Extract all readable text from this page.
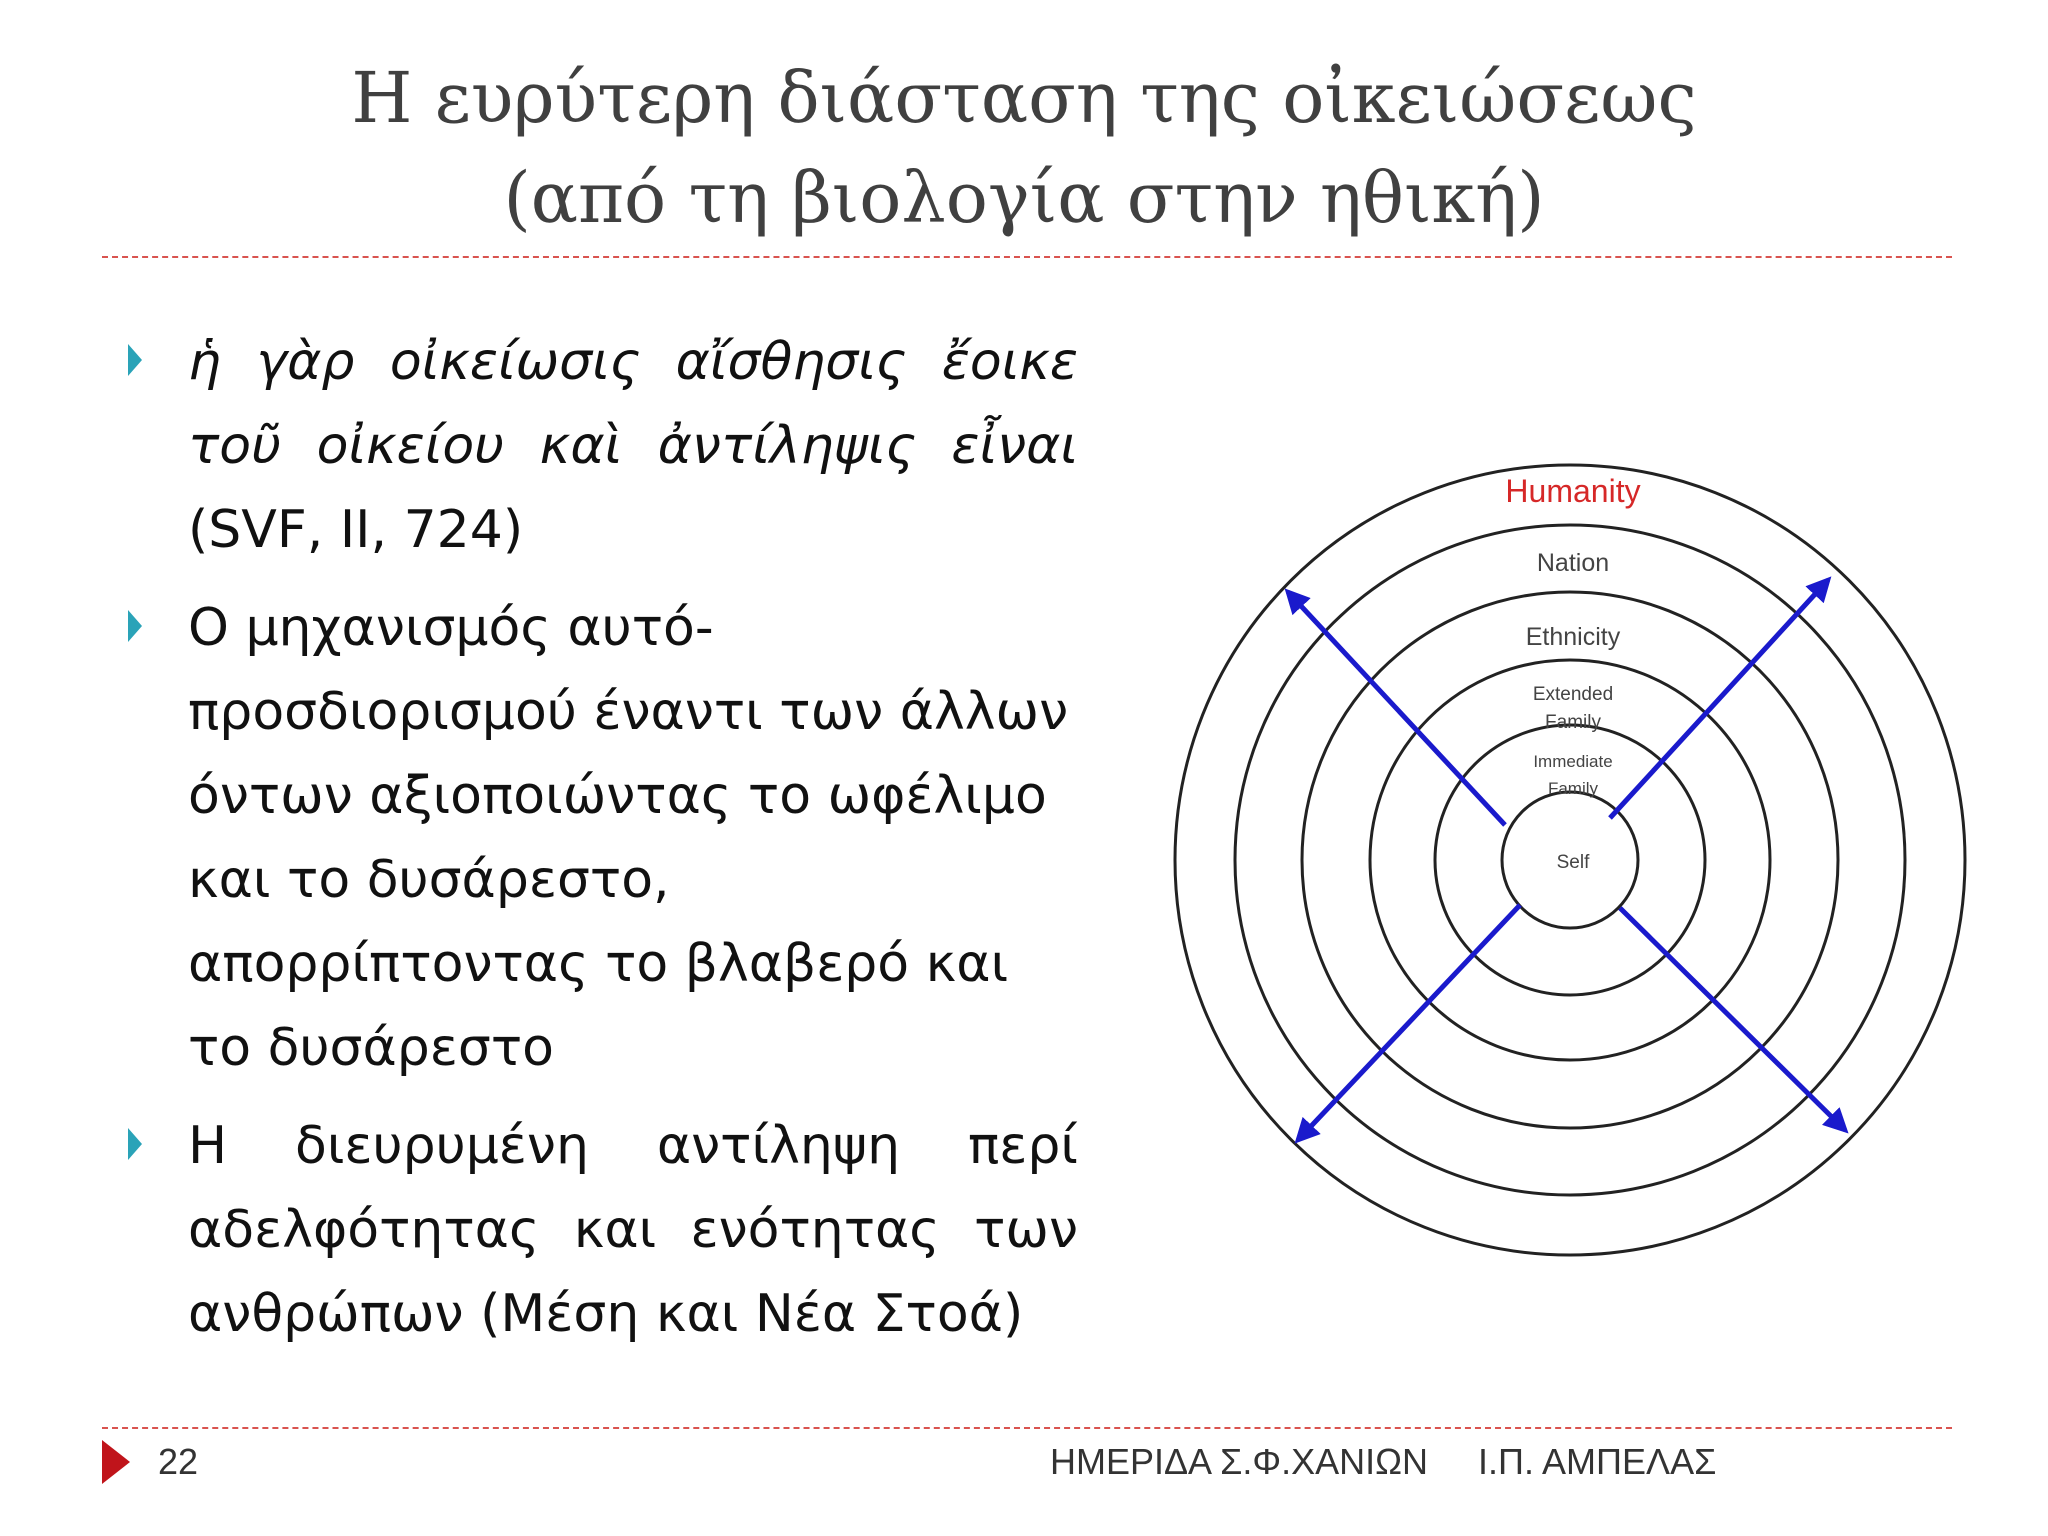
Η ευρύτερη διάσταση της οἰκειώσεως
(από τη βιολογία στην ηθική)

ἡ γὰρ οἰκείωσις αἴσθησις ἔοικε τοῦ οἰκείου καὶ ἀντίληψις εἶναι (SVF, II, 724)

Ο μηχανισμός αυτό-προσδιορισμού έναντι των άλλων όντων αξιοποιώντας το ωφέλιμο και το δυσάρεστο, απορρίπτοντας το βλαβερό και το δυσάρεστο

Η διευρυμένη αντίληψη περί αδελφότητας και ενότητας των ανθρώπων (Μέση και Νέα Στοά)

Humanity
Nation
Ethnicity
Extended
Family
Immediate
Family
Self
22	ΗΜΕΡΙΔΑ Σ.Φ.ΧΑΝΙΩΝ Ι.Π. ΑΜΠΕΛΑΣ
